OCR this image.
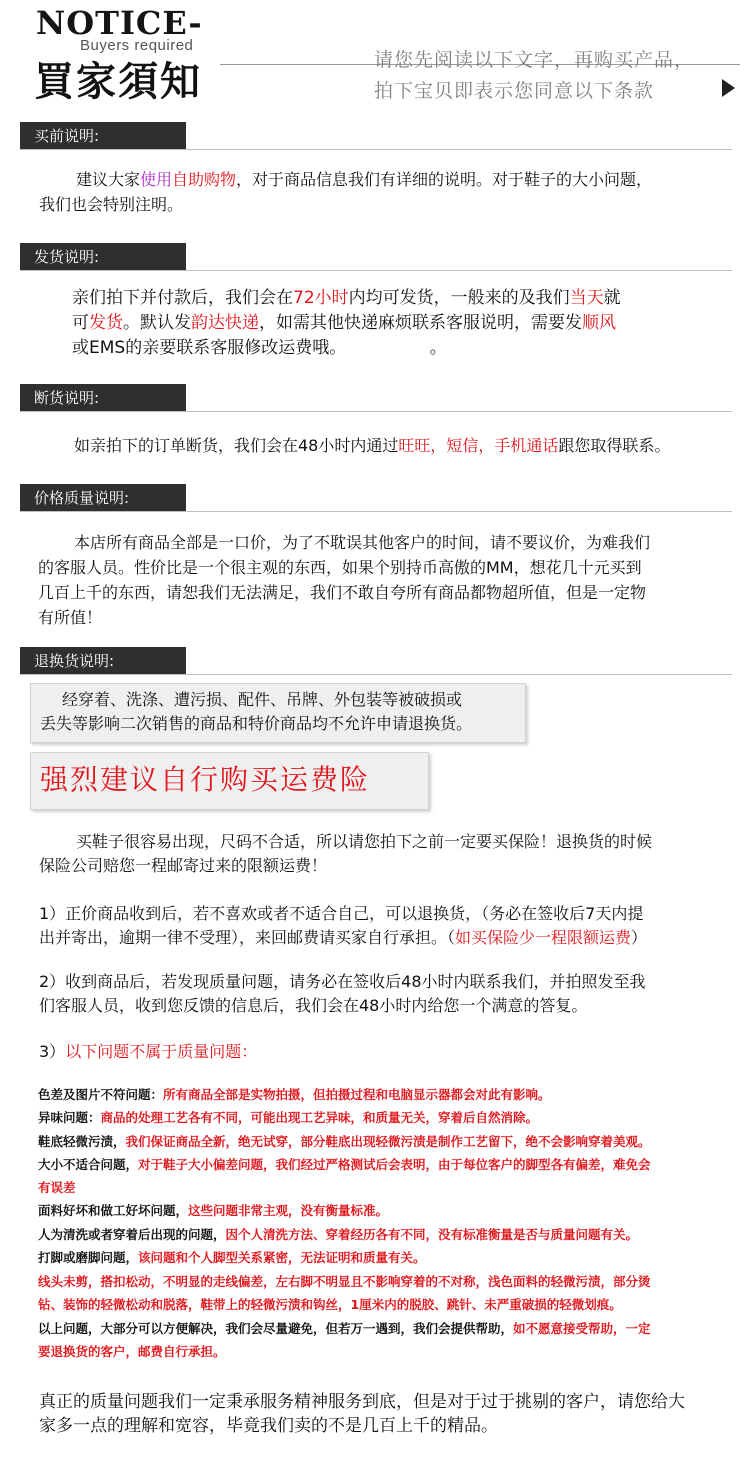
NOTICE-
Buyers required
買家須知	请您先阅读以下文字，再购买产品，
拍下宝贝即表示您同意以下条款
买前说明:
建议大家使用自助购物，对于商品信息我们有详细的说明。对于鞋子的大小问题，
我们也会特别注明。
发货说明:
亲们拍下并付款后，我们会在72小时内均可发货，一般来的及我们当天就
可发货。默认发韵达快递，如需其他快递麻烦联系客服说明，需要发顺风
或EMS的亲要联系客服修改运费哦。	。
断货说明:
如亲拍下的订单断货，我们会在48小时内通过旺旺，短信，手机通话跟您取得联系。
价格质量说明:
本店所有商品全部是一口价，为了不耽误其他客户的时间，请不要议价，为难我们
的客服人员。性价比是一个很主观的东西，如果个别持币高傲的MM，想花几十元买到
几百上千的东西，请恕我们无法满足，我们不敢自夸所有商品都物超所值，但是一定物
有所值！
退换货说明:
经穿着、洗涤、遭污损、配件、吊牌、外包装等被破损或
丢失等影响二次销售的商品和特价商品均不允许申请退换货。
强烈建议自行购买运费险
买鞋子很容易出现，尺码不合适，所以请您拍下之前一定要买保险！退换货的时候
保险公司赔您一程邮寄过来的限额运费！
1）正价商品收到后，若不喜欢或者不适合自己，可以退换货，（务必在签收后7天内提
出并寄出，逾期一律不受理），来回邮费请买家自行承担。（如买保险少一程限额运费）
2）收到商品后，若发现质量问题，请务必在签收后48小时内联系我们，并拍照发至我
们客服人员，收到您反馈的信息后，我们会在48小时内给您一个满意的答复。
3）以下问题不属于质量问题：
色差及图片不符问题：所有商品全部是实物拍摄，但拍摄过程和电脑显示器都会对此有影响。
异味问题：商品的处理工艺各有不同，可能出现工艺异味，和质量无关，穿着后自然消除。
鞋底轻微污渍，我们保证商品全新，绝无试穿，部分鞋底出现轻微污渍是制作工艺留下，绝不会影响穿着美观。
大小不适合问题，对于鞋子大小偏差问题，我们经过严格测试后会表明，由于每位客户的脚型各有偏差，难免会
有误差
面料好坏和做工好坏问题，这些问题非常主观，没有衡量标准。
人为清洗或者穿着后出现的问题，因个人清洗方法、穿着经历各有不同，没有标准衡量是否与质量问题有关。
打脚或磨脚问题，该问题和个人脚型关系紧密，无法证明和质量有关。
线头未剪，搭扣松动，不明显的走线偏差，左右脚不明显且不影响穿着的不对称，浅色面料的轻微污渍，部分烫
钻、装饰的轻微松动和脱落，鞋带上的轻微污渍和钩丝，1厘米内的脱胶、跳针、未严重破损的轻微划痕。
以上问题，大部分可以方便解决，我们会尽量避免，但若万一遇到，我们会提供帮助，如不愿意接受帮助，一定
要退换货的客户，邮费自行承担。
真正的质量问题我们一定秉承服务精神服务到底，但是对于过于挑剔的客户，请您给大
家多一点的理解和宽容，毕竟我们卖的不是几百上千的精品。
